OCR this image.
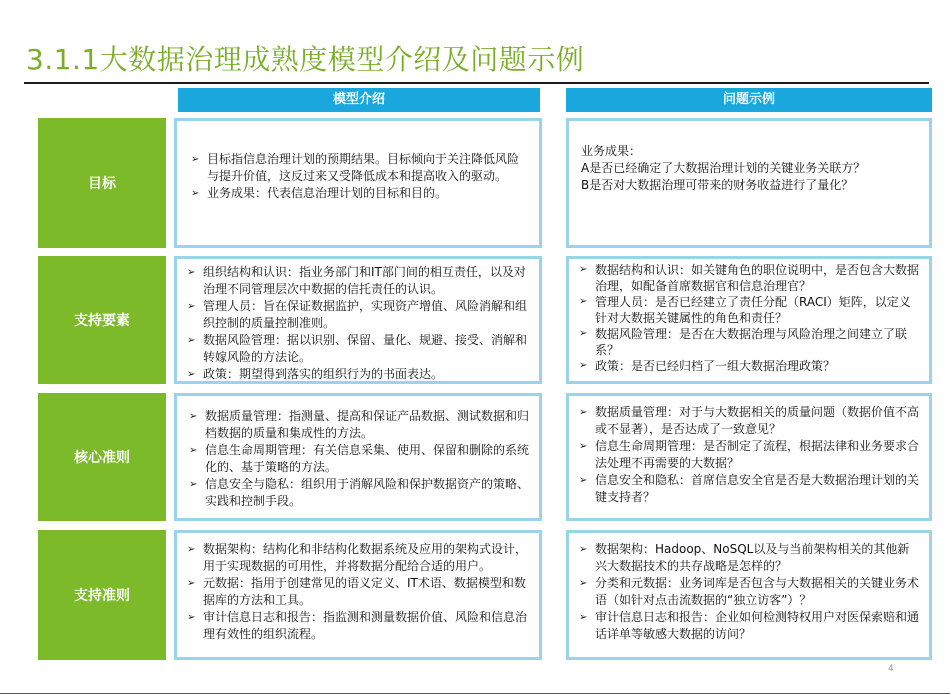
3.1.1大数据治理成熟度模型介绍及问题示例
模型介绍	问题示例
目标
➢ 目标指信息治理计划的预期结果。目标倾向于关注降低风险与提升价值，这反过来又受降低成本和提高收入的驱动。
➢ 业务成果：代表信息治理计划的目标和目的。

业务成果：

A是否已经确定了大数据治理计划的关键业务关联方？

B是否对大数据治理可带来的财务收益进行了量化？

支持要素
➢ 组织结构和认识：指业务部门和IT部门间的相互责任，以及对治理不同管理层次中数据的信托责任的认识。
➢ 管理人员：旨在保证数据监护，实现资产增值、风险消解和组织控制的质量控制准则。
➢ 数据风险管理：据以识别、保留、量化、规避、接受、消解和转嫁风险的方法论。
➢ 政策：期望得到落实的组织行为的书面表达。
➢ 数据结构和认识：如关键角色的职位说明中，是否包含大数据治理，如配备首席数据官和信息治理官？
➢ 管理人员：是否已经建立了责任分配（RACI）矩阵，以定义针对大数据关键属性的角色和责任？
➢ 数据风险管理：是否在大数据治理与风险治理之间建立了联系？
➢ 政策：是否已经归档了一组大数据治理政策？
核心准则
➢ 数据质量管理：指测量、提高和保证产品数据、测试数据和归档数据的质量和集成性的方法。
➢ 信息生命周期管理：有关信息采集、使用、保留和删除的系统化的、基于策略的方法。
➢ 信息安全与隐私：组织用于消解风险和保护数据资产的策略、实践和控制手段。
➢ 数据质量管理：对于与大数据相关的质量问题（数据价值不高或不显著），是否达成了一致意见？
➢ 信息生命周期管理：是否制定了流程，根据法律和业务要求合法处理不再需要的大数据？
➢ 信息安全和隐私：首席信息安全官是否是大数据治理计划的关键支持者？
支持准则
➢ 数据架构：结构化和非结构化数据系统及应用的架构式设计，用于实现数据的可用性，并将数据分配给合适的用户。
➢ 元数据：指用于创建常见的语义定义、IT术语、数据模型和数据库的方法和工具。
➢ 审计信息日志和报告：指监测和测量数据价值、风险和信息治理有效性的组织流程。
➢ 数据架构：Hadoop、NoSQL以及与当前架构相关的其他新兴大数据技术的共存战略是怎样的？
➢ 分类和元数据：业务词库是否包含与大数据相关的关键业务术语（如针对点击流数据的“独立访客”）？
➢ 审计信息日志和报告：企业如何检测特权用户对医保索赔和通话详单等敏感大数据的访问？
4
